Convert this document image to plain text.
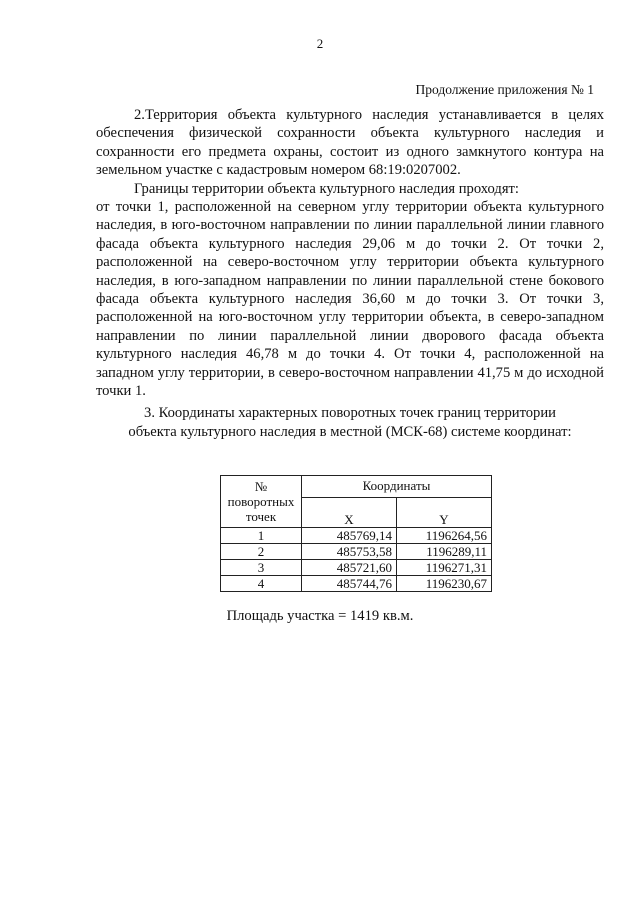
2
Продолжение приложения № 1

2.Территория объекта культурного наследия устанавливается в целях обеспечения физической сохранности объекта культурного наследия и сохранности его предмета охраны, состоит из одного замкнутого контура на земельном участке с кадастровым номером 68:19:0207002.

Границы территории объекта культурного наследия проходят:

от точки 1, расположенной на северном углу территории объекта культурного наследия, в юго-восточном направлении по линии параллельной линии главного фасада объекта культурного наследия 29,06 м до точки 2. От точки 2, расположенной на северо-восточном углу территории объекта культурного наследия, в юго-западном направлении по линии параллельной стене бокового фасада объекта культурного наследия 36,60 м до точки 3. От точки 3, расположенной на юго-восточном углу территории объекта, в северо-западном направлении по линии параллельной линии дворового фасада объекта культурного наследия 46,78 м до точки 4. От точки 4, расположенной на западном углу территории, в северо-восточном направлении 41,75 м до исходной точки 1.

3. Координаты характерных поворотных точек границ территории
объекта культурного наследия в местной (МСК-68) системе координат:
№ поворотных точек	Координаты	
	X	Y
1	485769,14	1196264,56
2	485753,58	1196289,11
3	485721,60	1196271,31
4	485744,76	1196230,67
Площадь участка = 1419 кв.м.
